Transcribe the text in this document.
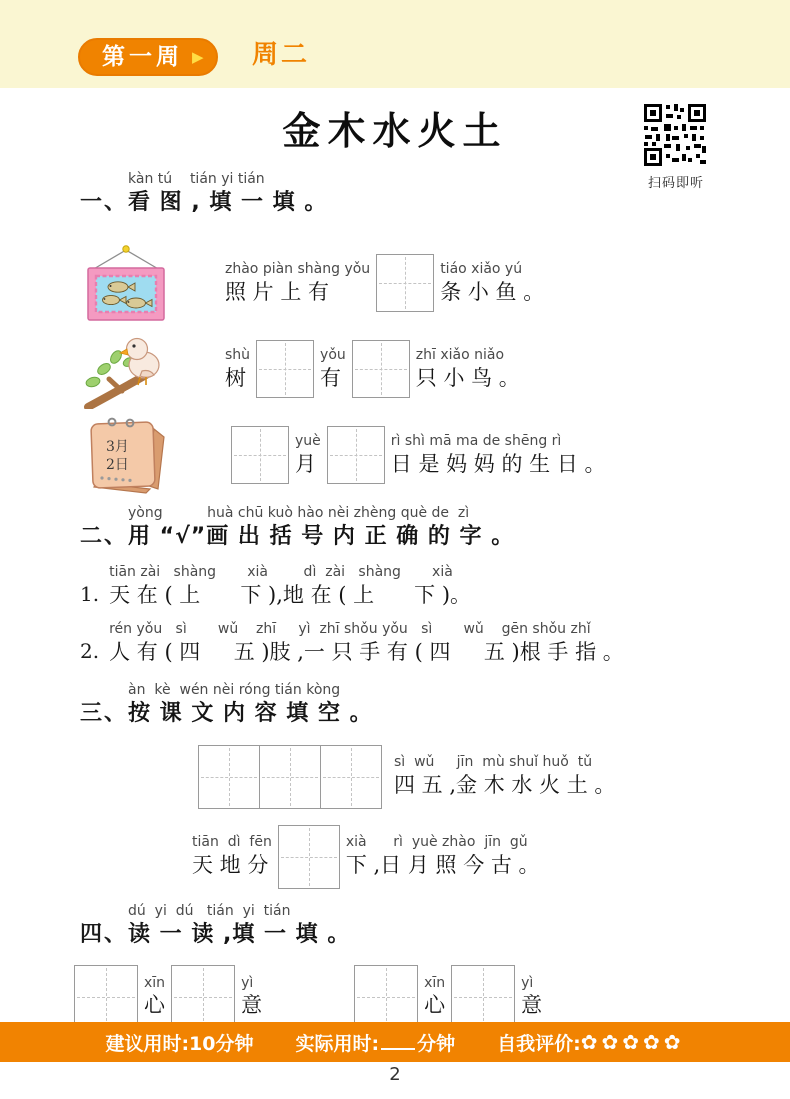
第一周 ▶ 周二
金木水火土
扫码即听
一、
kàn tú    tián yi tián
看 图 , 填 一 填 。
zhào piàn shàng yǒu
照 片 上 有
tiáo xiǎo yú
条 小 鱼 。
shù
树
yǒu
有
zhī xiǎo niǎo
只 小 鸟 。
3月
2日
yuè
月
rì shì mā ma de shēng rì
日 是 妈 妈 的 生 日 。
二、
yòng          huà chū kuò hào nèi zhèng què de  zì
用 “√”画 出 括 号 内 正 确 的 字 。
1.
tiān zài   shàng       xià        dì  zài   shàng       xià
天 在 ( 上      下 ),地 在 ( 上      下 )。
2.
rén yǒu   sì       wǔ    zhī     yì  zhī shǒu yǒu   sì       wǔ    gēn shǒu zhǐ
人 有 ( 四     五 )肢 ,一 只 手 有 ( 四     五 )根 手 指 。
三、
àn  kè  wén nèi róng tián kòng
按 课 文 内 容 填 空 。
sì  wǔ     jīn  mù shuǐ huǒ  tǔ
四 五 ,金 木 水 火 土 。
tiān  dì  fēn
天 地 分
xià      rì  yuè zhào  jīn  gǔ
下 ,日 月 照 今 古 。
四、
dú  yi  dú   tián  yi  tián
读 一 读 ,填 一 填 。
xīn
心
yì
意
xīn
心
yì
意
建议用时:10分钟 实际用时: 分钟 自我评价: ✿✿✿✿✿
2
